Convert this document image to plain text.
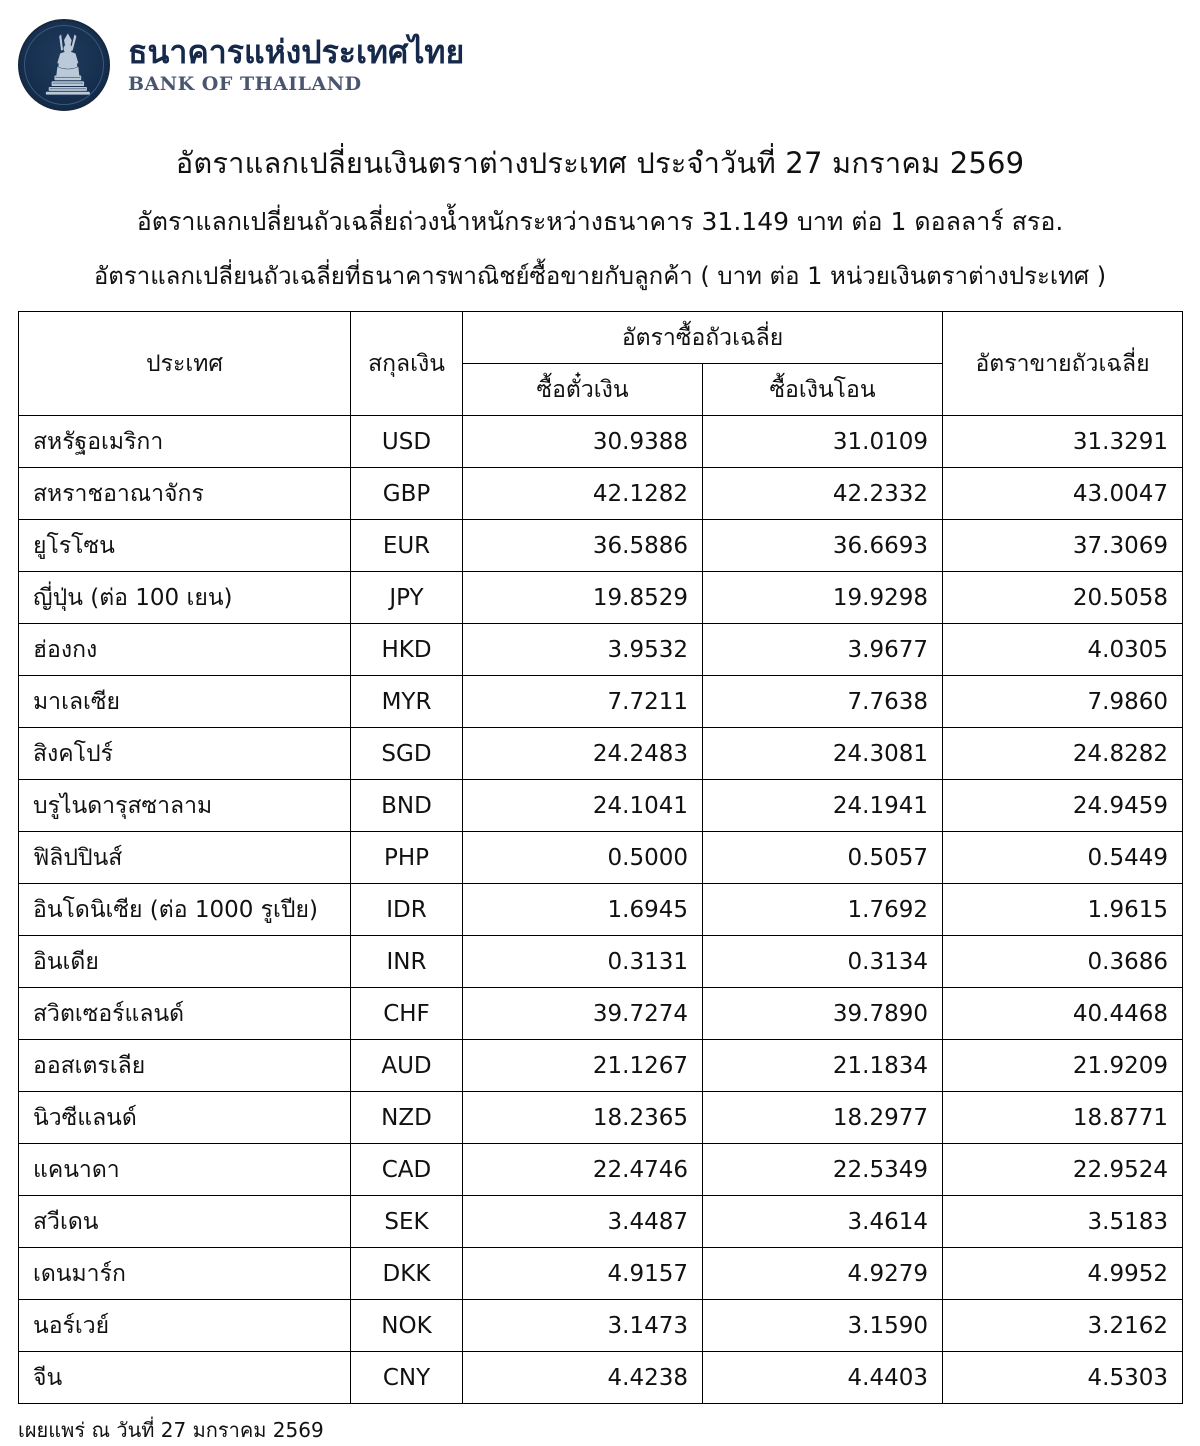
ธนาคารแห่งประเทศไทย
BANK OF THAILAND
อัตราแลกเปลี่ยนเงินตราต่างประเทศ ประจำวันที่ 27 มกราคม 2569
อัตราแลกเปลี่ยนถัวเฉลี่ยถ่วงน้ำหนักระหว่างธนาคาร 31.149 บาท ต่อ 1 ดอลลาร์ สรอ.
อัตราแลกเปลี่ยนถัวเฉลี่ยที่ธนาคารพาณิชย์ซื้อขายกับลูกค้า ( บาท ต่อ 1 หน่วยเงินตราต่างประเทศ )
ประเทศ	สกุลเงิน	อัตราซื้อถัวเฉลี่ย		อัตราขายถัวเฉลี่ย
		ซื้อตั๋วเงิน	ซื้อเงินโอน	
สหรัฐอเมริกา	USD	30.9388	31.0109	31.3291
สหราชอาณาจักร	GBP	42.1282	42.2332	43.0047
ยูโรโซน	EUR	36.5886	36.6693	37.3069
ญี่ปุ่น (ต่อ 100 เยน)	JPY	19.8529	19.9298	20.5058
ฮ่องกง	HKD	3.9532	3.9677	4.0305
มาเลเซีย	MYR	7.7211	7.7638	7.9860
สิงคโปร์	SGD	24.2483	24.3081	24.8282
บรูไนดารุสซาลาม	BND	24.1041	24.1941	24.9459
ฟิลิปปินส์	PHP	0.5000	0.5057	0.5449
อินโดนิเซีย (ต่อ 1000 รูเปีย)	IDR	1.6945	1.7692	1.9615
อินเดีย	INR	0.3131	0.3134	0.3686
สวิตเซอร์แลนด์	CHF	39.7274	39.7890	40.4468
ออสเตรเลีย	AUD	21.1267	21.1834	21.9209
นิวซีแลนด์	NZD	18.2365	18.2977	18.8771
แคนาดา	CAD	22.4746	22.5349	22.9524
สวีเดน	SEK	3.4487	3.4614	3.5183
เดนมาร์ก	DKK	4.9157	4.9279	4.9952
นอร์เวย์	NOK	3.1473	3.1590	3.2162
จีน	CNY	4.4238	4.4403	4.5303
เผยแพร่ ณ วันที่ 27 มกราคม 2569
